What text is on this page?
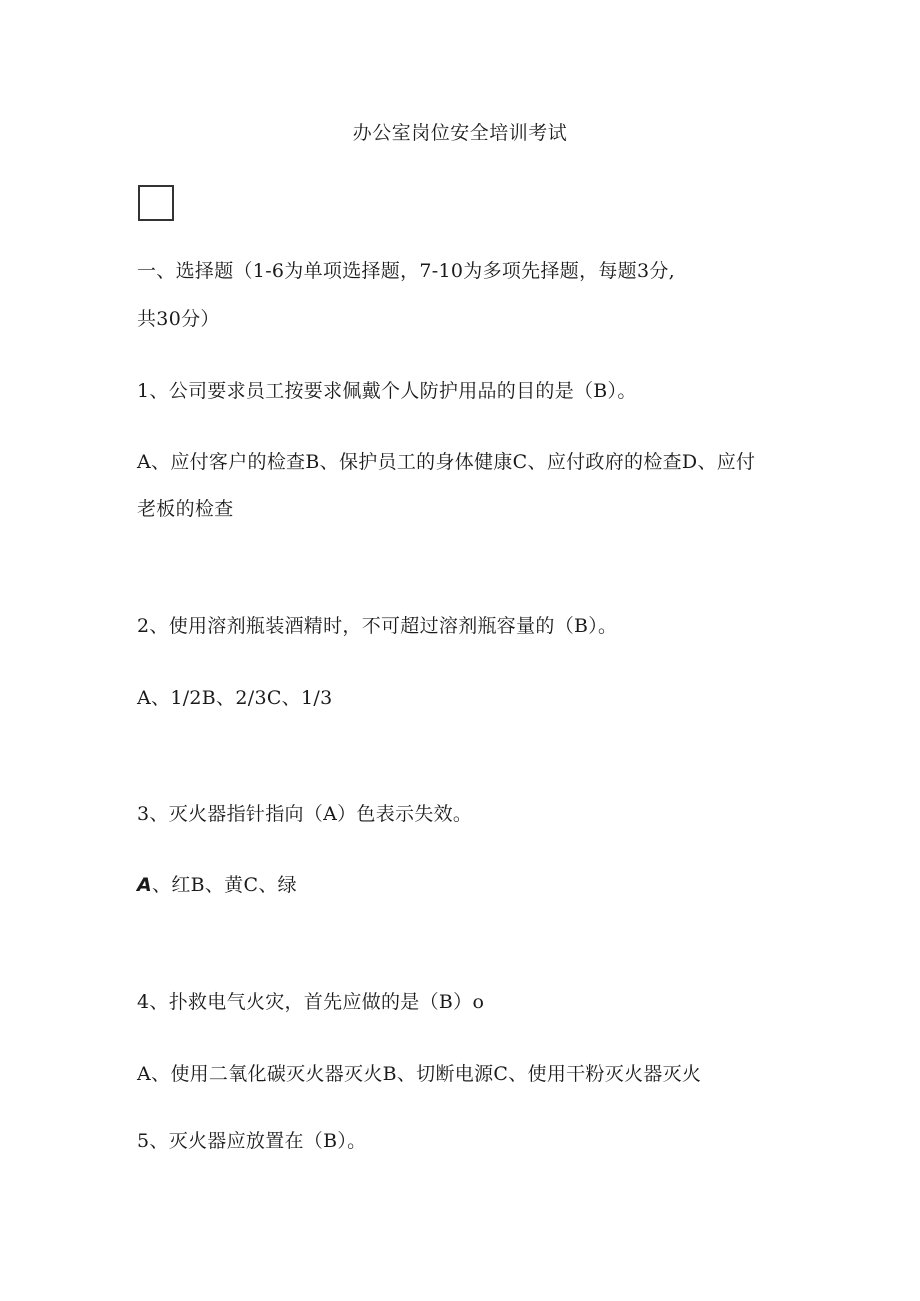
办公室岗位安全培训考试
一、选择题（1-6为单项选择题，7-10为多项先择题，每题3分,
共30分）
1、公司要求员工按要求佩戴个人防护用品的目的是（B）。
A、应付客户的检查B、保护员工的身体健康C、应付政府的检查D、应付
老板的检查
2、使用溶剂瓶装酒精时，不可超过溶剂瓶容量的（B）。
A、1/2B、2/3C、1/3
3、灭火器指针指向（A）色表示失效。
A、红B、黄C、绿
4、扑救电气火灾，首先应做的是（B）o
A、使用二氧化碳灭火器灭火B、切断电源C、使用干粉灭火器灭火
5、灭火器应放置在（B）。
